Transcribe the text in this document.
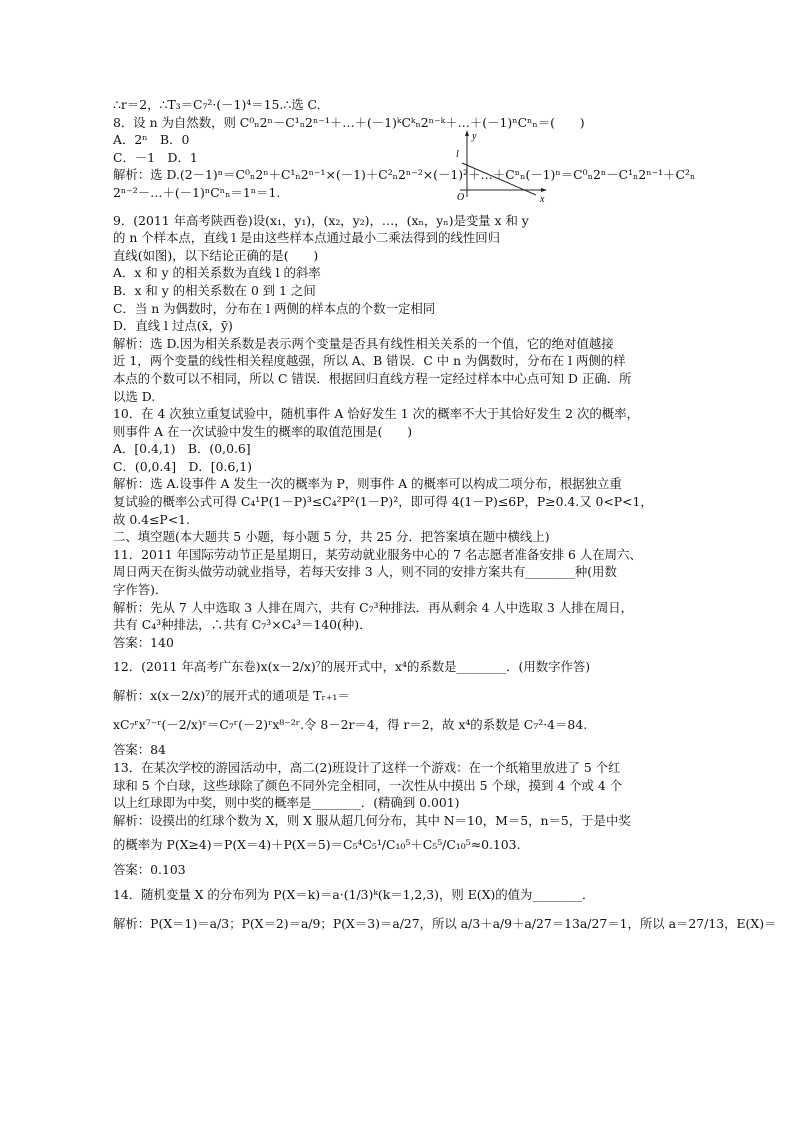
∴r＝2，∴T₃＝C₇²·(－1)⁴＝15.∴选 C.

8．设 n 为自然数，则 C⁰ₙ2ⁿ－C¹ₙ2ⁿ⁻¹＋…＋(－1)ᵏCᵏₙ2ⁿ⁻ᵏ＋…＋(－1)ⁿCⁿₙ＝(　　)

A．2ⁿ　B．0

C．－1　D．1

解析：选 D.(2－1)ⁿ＝C⁰ₙ2ⁿ＋C¹ₙ2ⁿ⁻¹×(－1)＋C²ₙ2ⁿ⁻²×(－1)²＋…＋Cⁿₙ(－1)ⁿ＝C⁰ₙ2ⁿ－C¹ₙ2ⁿ⁻¹＋C²ₙ

2ⁿ⁻²－…＋(－1)ⁿCⁿₙ＝1ⁿ＝1.

9．(2011 年高考陕西卷)设(x₁，y₁)，(x₂，y₂)，…，(xₙ，yₙ)是变量 x 和 y

的 n 个样本点，直线 l 是由这些样本点通过最小二乘法得到的线性回归

直线(如图)，以下结论正确的是(　　)

A．x 和 y 的相关系数为直线 l 的斜率

B．x 和 y 的相关系数在 0 到 1 之间

C．当 n 为偶数时，分布在 l 两侧的样本点的个数一定相同

D．直线 l 过点(x̄，ȳ)

解析：选 D.因为相关系数是表示两个变量是否具有线性相关关系的一个值，它的绝对值越接

近 1，两个变量的线性相关程度越强，所以 A、B 错误．C 中 n 为偶数时，分布在 l 两侧的样

本点的个数可以不相同，所以 C 错误．根据回归直线方程一定经过样本中心点可知 D 正确．所

以选 D.

10．在 4 次独立重复试验中，随机事件 A 恰好发生 1 次的概率不大于其恰好发生 2 次的概率，

则事件 A 在一次试验中发生的概率的取值范围是(　　)

A．[0.4,1)　B．(0,0.6]

C．(0,0.4]　D．[0.6,1)

解析：选 A.设事件 A 发生一次的概率为 P，则事件 A 的概率可以构成二项分布，根据独立重

复试验的概率公式可得 C₄¹P(1－P)³≤C₄²P²(1－P)²，即可得 4(1－P)≤6P，P≥0.4.又 0<P<1，

故 0.4≤P<1.

二、填空题(本大题共 5 小题，每小题 5 分，共 25 分．把答案填在题中横线上)

11．2011 年国际劳动节正是星期日，某劳动就业服务中心的 7 名志愿者准备安排 6 人在周六、

周日两天在街头做劳动就业指导，若每天安排 3 人，则不同的安排方案共有________种(用数

字作答)．

解析：先从 7 人中选取 3 人排在周六，共有 C₇³种排法．再从剩余 4 人中选取 3 人排在周日，

共有 C₄³种排法，∴共有 C₇³×C₄³＝140(种)．

答案：140

12．(2011 年高考广东卷)x(x－2/x)⁷的展开式中，x⁴的系数是________．(用数字作答)

解析：x(x－2/x)⁷的展开式的通项是 Tᵣ₊₁＝

xC₇ʳx⁷⁻ʳ(－2/x)ʳ＝C₇ʳ(－2)ʳx⁸⁻²ʳ.令 8－2r＝4，得 r＝2，故 x⁴的系数是 C₇²·4＝84.

答案：84

13．在某次学校的游园活动中，高二(2)班设计了这样一个游戏：在一个纸箱里放进了 5 个红

球和 5 个白球，这些球除了颜色不同外完全相同，一次性从中摸出 5 个球，摸到 4 个或 4 个

以上红球即为中奖，则中奖的概率是________．(精确到 0.001)

解析：设摸出的红球个数为 X，则 X 服从超几何分布，其中 N＝10，M＝5，n＝5，于是中奖

的概率为 P(X≥4)＝P(X＝4)＋P(X＝5)＝C₅⁴C₅¹/C₁₀⁵＋C₅⁵/C₁₀⁵≈0.103.

答案：0.103

14．随机变量 X 的分布列为 P(X＝k)＝a·(1/3)ᵏ(k＝1,2,3)，则 E(X)的值为________．

解析：P(X＝1)＝a/3；P(X＝2)＝a/9；P(X＝3)＝a/27，所以 a/3＋a/9＋a/27＝13a/27＝1，所以 a＝27/13，E(X)＝

y
x
O
l
